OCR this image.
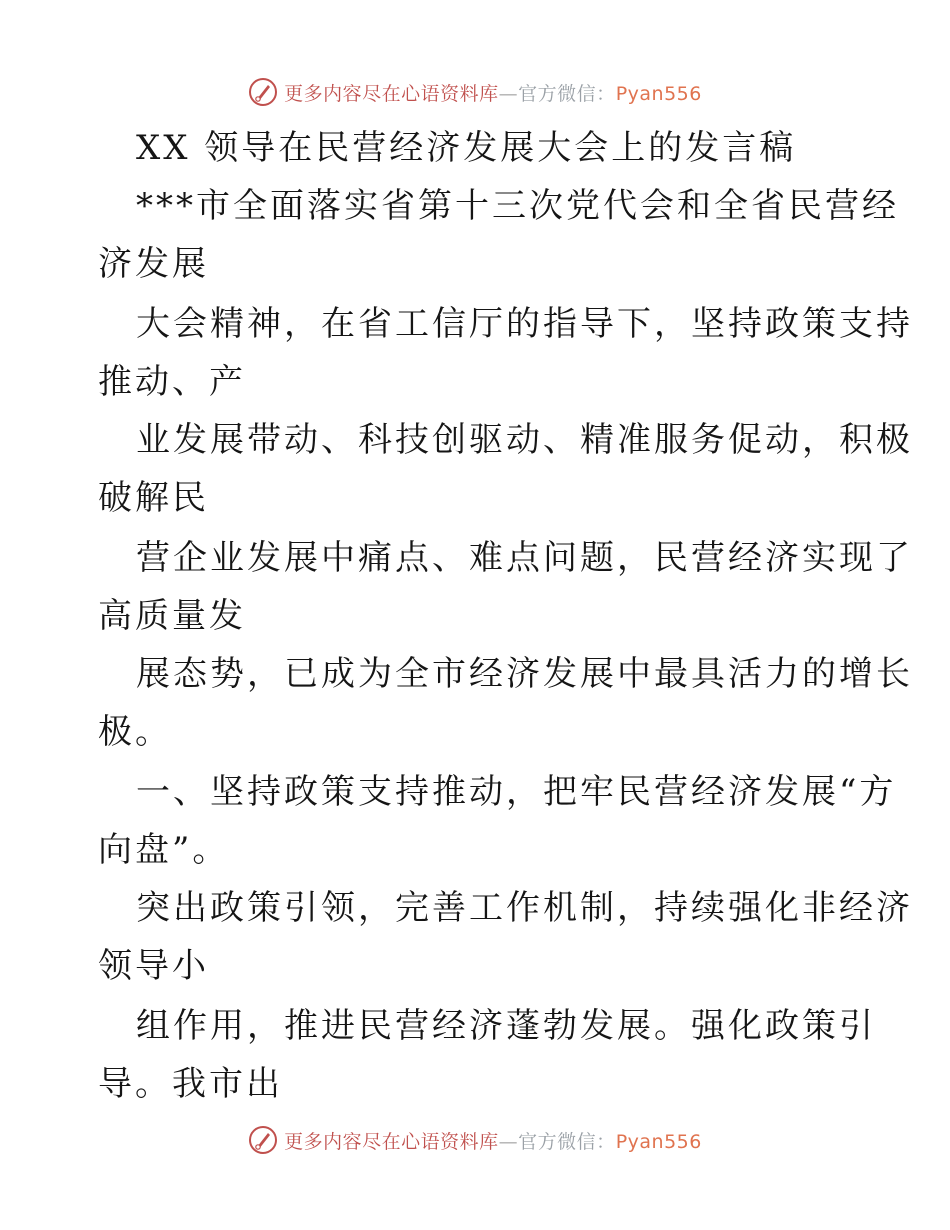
更多内容尽在心语资料库—官方微信：Pyan556
XX 领导在民营经济发展大会上的发言稿
***市全面落实省第十三次党代会和全省民营经
济发展
大会精神，在省工信厅的指导下，坚持政策支持
推动、产
业发展带动、科技创驱动、精准服务促动，积极
破解民
营企业发展中痛点、难点问题，民营经济实现了
高质量发
展态势，已成为全市经济发展中最具活力的增长
极。
一、坚持政策支持推动，把牢民营经济发展“方
向盘”。
突出政策引领，完善工作机制，持续强化非经济
领导小
组作用，推进民营经济蓬勃发展。强化政策引
导。我市出
更多内容尽在心语资料库—官方微信：Pyan556
